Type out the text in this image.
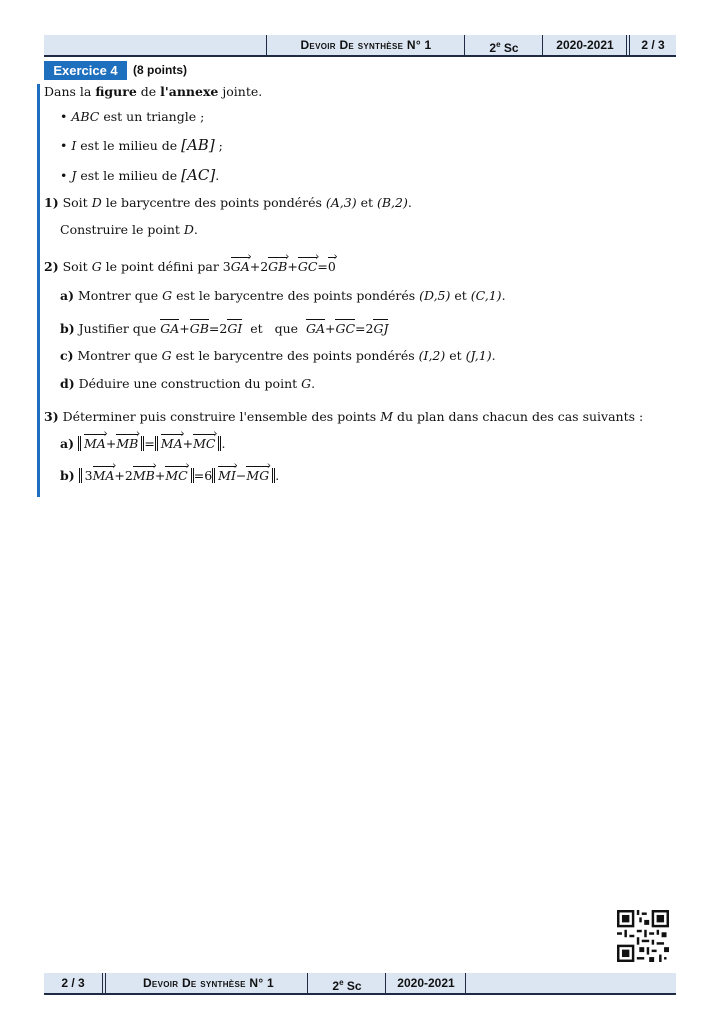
Devoir De synthèse N° 1	2e Sc	2020-2021	2 / 3
Exercice 4	(8 points)
Dans la figure de l'annexe jointe.
• ABC est un triangle ;
• I est le milieu de [AB] ;
• J est le milieu de [AC].
1) Soit D le barycentre des points pondérés (A,3) et (B,2).
Construire le point D.
2) Soit G le point défini par 3GA ›+2GB ›+GC ›=0 ›
a) Montrer que G est le barycentre des points pondérés (D,5) et (C,1).
b) Justifier que GA+GB=2GI  et   que  GA+GC=2GJ
c) Montrer que G est le barycentre des points pondérés (I,2) et (J,1).
d) Déduire une construction du point G.
3) Déterminer puis construire l'ensemble des points M du plan dans chacun des cas suivants :
a) MA ›+MB › = MA ›+MC › .
b) 3MA ›+2MB ›+MC › =6 MI ›−MG › .
2 / 3	Devoir De synthèse N° 1	2e Sc	2020-2021
